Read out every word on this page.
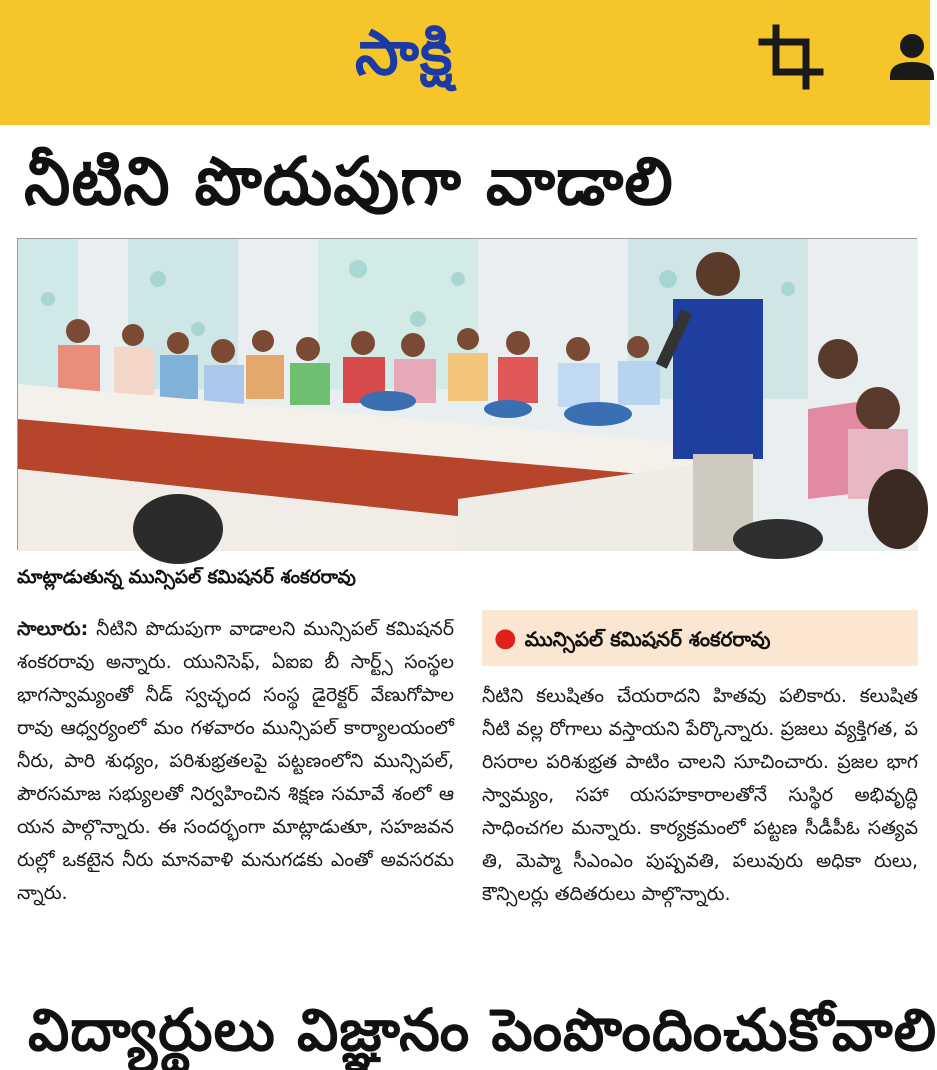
సాక్షి
నీటిని పొదుపుగా వాడాలి

మాట్లాడుతున్న మున్సిపల్ కమిషనర్ శంకరరావు

సాలూరు: నీటిని పొదుపుగా వాడాలని మున్సిపల్ కమిషనర్ శంకరరావు అన్నారు. యునిసెఫ్, ఏఐఐ బీ సార్ట్స్ సంస్థల భాగస్వామ్యంతో నీడ్ స్వచ్ఛంద సంస్థ డైరెక్టర్ వేణుగోపాలరావు ఆధ్వర్యంలో మం గళవారం మున్సిపల్ కార్యాలయంలో నీరు, పారి శుధ్యం, పరిశుభ్రతలపై పట్టణంలోని మున్సిపల్, పౌరసమాజ సభ్యులతో నిర్వహించిన శిక్షణ సమావే శంలో ఆయన పాల్గొన్నారు. ఈ సందర్భంగా మాట్లాడుతూ, సహజవనరుల్లో ఒకటైన నీరు మానవాళి మనుగడకు ఎంతో అవసరమన్నారు.
● మున్సిపల్ కమిషనర్ శంకరరావు
నీటిని కలుషితం చేయరాదని హితవు పలికారు. కలుషిత నీటి వల్ల రోగాలు వస్తాయని పేర్కొన్నారు. ప్రజలు వ్యక్తిగత, పరిసరాల పరిశుభ్రత పాటిం చాలని సూచించారు. ప్రజల భాగస్వామ్యం, సహా యసహకారాలతోనే సుస్థిర అభివృద్ధి సాధించగల మన్నారు. కార్యక్రమంలో పట్టణ సీడీపీఓ సత్యవ తి, మెప్మా సీఎంఎం పుష్పవతి, పలువురు అధికా రులు, కౌన్సిలర్లు తదితరులు పాల్గొన్నారు.
విద్యార్థులు విజ్ఞానం పెంపొందించుకోవాలి
